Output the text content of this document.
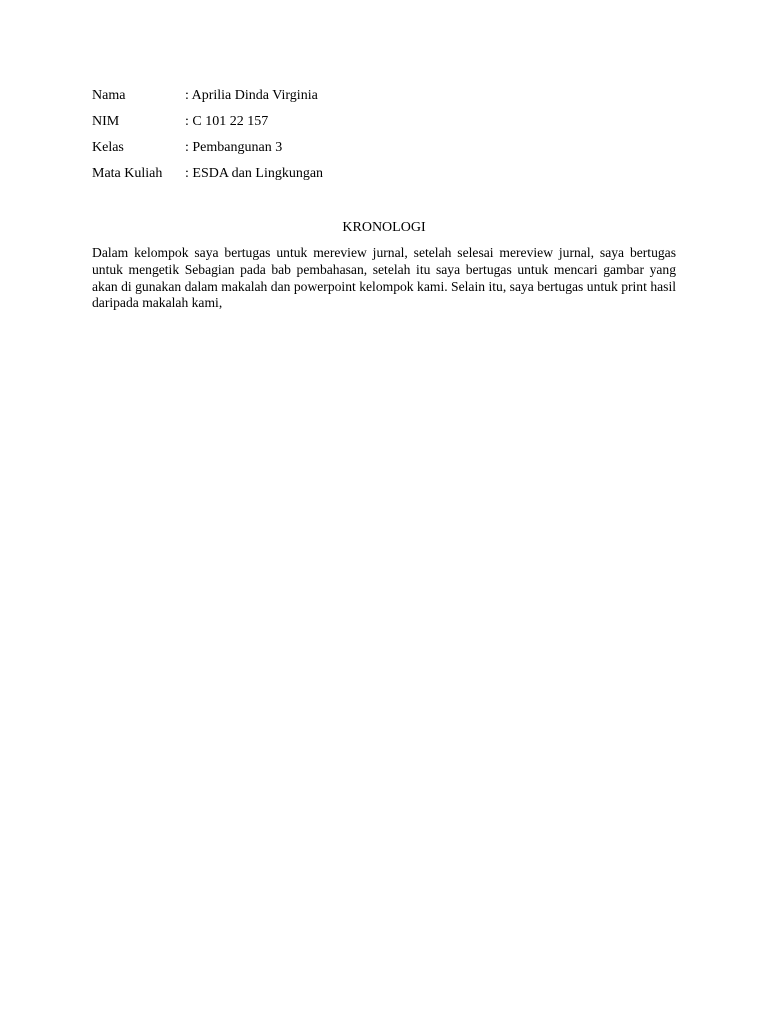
Nama	: Aprilia Dinda Virginia
NIM	: C 101 22 157
Kelas	: Pembangunan 3
Mata Kuliah	: ESDA dan Lingkungan
KRONOLOGI

Dalam kelompok saya bertugas untuk mereview jurnal, setelah selesai mereview jurnal, saya bertugas untuk mengetik Sebagian pada bab pembahasan, setelah itu saya bertugas untuk mencari gambar yang akan di gunakan dalam makalah dan powerpoint kelompok kami. Selain itu, saya bertugas untuk print hasil daripada makalah kami,
